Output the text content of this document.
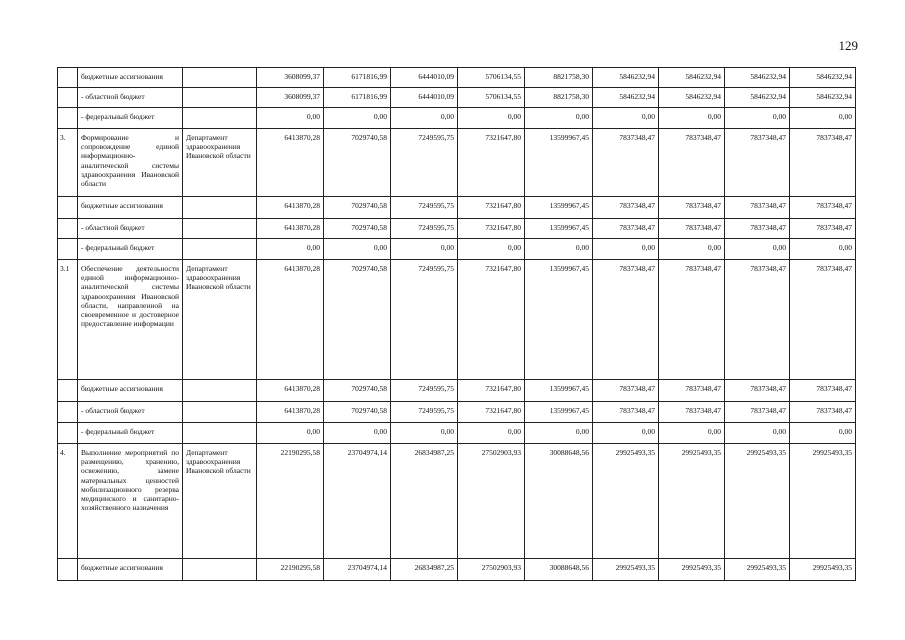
129
	бюджетные ассигнования		3608099,37	6171816,99	6444010,09	5706134,55	8821758,30	5846232,94	5846232,94	5846232,94	5846232,94
	- областной бюджет		3608099,37	6171816,99	6444010,09	5706134,55	8821758,30	5846232,94	5846232,94	5846232,94	5846232,94
	- федеральный бюджет		0,00	0,00	0,00	0,00	0,00	0,00	0,00	0,00	0,00
3.	Формирование и сопровождение единой информационно-аналитической системы здравоохранения Ивановской области	Департамент здравоохранения Ивановской области	6413870,28	7029740,58	7249595,75	7321647,80	13599967,45	7837348,47	7837348,47	7837348,47	7837348,47
	бюджетные ассигнования		6413870,28	7029740,58	7249595,75	7321647,80	13599967,45	7837348,47	7837348,47	7837348,47	7837348,47
	- областной бюджет		6413870,28	7029740,58	7249595,75	7321647,80	13599967,45	7837348,47	7837348,47	7837348,47	7837348,47
	- федеральный бюджет		0,00	0,00	0,00	0,00	0,00	0,00	0,00	0,00	0,00
3.1	Обеспечение деятельности единой информационно-аналитической системы здравоохранения Ивановской области, направленной на своевременное и достоверное предоставление информации	Департамент здравоохранения Ивановской области	6413870,28	7029740,58	7249595,75	7321647,80	13599967,45	7837348,47	7837348,47	7837348,47	7837348,47
	бюджетные ассигнования		6413870,28	7029740,58	7249595,75	7321647,80	13599967,45	7837348,47	7837348,47	7837348,47	7837348,47
	- областной бюджет		6413870,28	7029740,58	7249595,75	7321647,80	13599967,45	7837348,47	7837348,47	7837348,47	7837348,47
	- федеральный бюджет		0,00	0,00	0,00	0,00	0,00	0,00	0,00	0,00	0,00
4.	Выполнение мероприятий по размещению, хранению, освежению, замене материальных ценностей мобилизационного резерва медицинского и санитарно-хозяйственного назначения	Департамент здравоохранения Ивановской области	22190295,58	23704974,14	26834987,25	27502903,93	30088648,56	29925493,35	29925493,35	29925493,35	29925493,35
	бюджетные ассигнования		22190295,58	23704974,14	26834987,25	27502903,93	30088648,56	29925493,35	29925493,35	29925493,35	29925493,35
